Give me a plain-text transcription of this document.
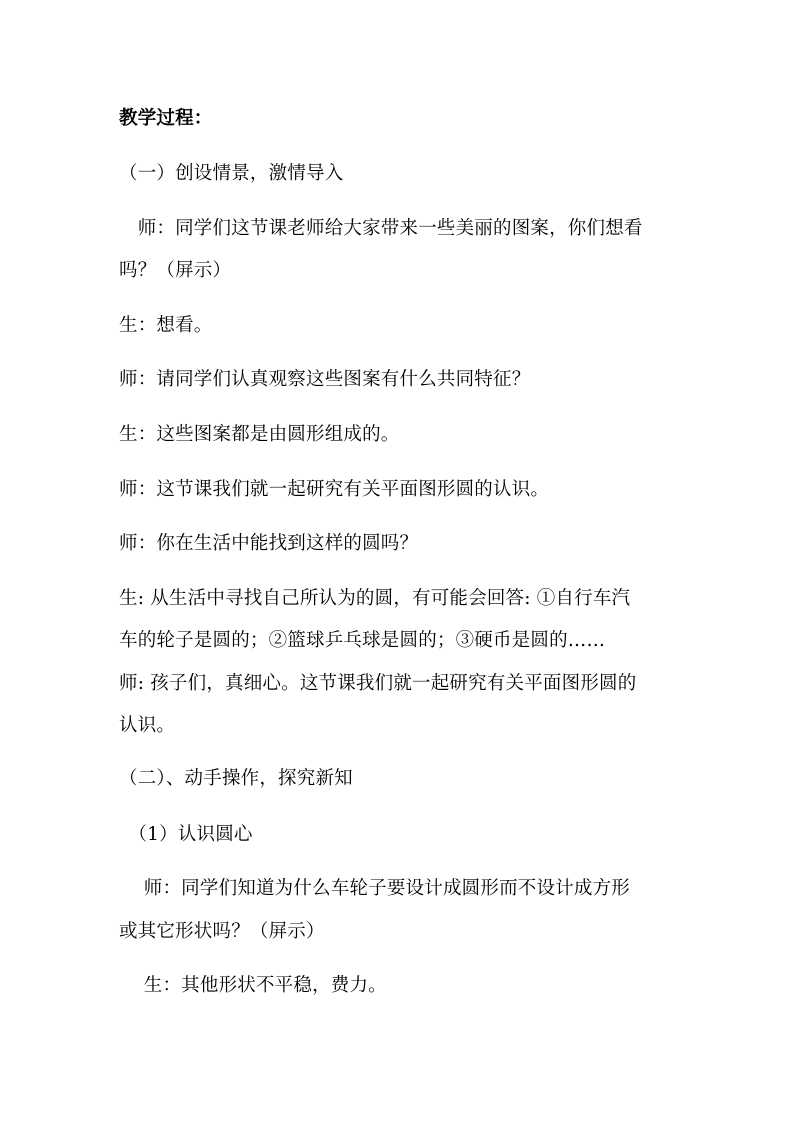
教学过程：
（一）创设情景，激情导入
　师：同学们这节课老师给大家带来一些美丽的图案，你们想看
吗？（屏示）
生：想看。
师：请同学们认真观察这些图案有什么共同特征？
生：这些图案都是由圆形组成的。
师：这节课我们就一起研究有关平面图形圆的认识。
师：你在生活中能找到这样的圆吗？
生: 从生活中寻找自己所认为的圆，有可能会回答: ①自行车汽
车的轮子是圆的；②篮球乒乓球是圆的；③硬币是圆的……
师: 孩子们，真细心。这节课我们就一起研究有关平面图形圆的
认识。
（二）、动手操作，探究新知
　（1）认识圆心
　 师：同学们知道为什么车轮子要设计成圆形而不设计成方形
或其它形状吗？（屏示）
　 生：其他形状不平稳，费力。
